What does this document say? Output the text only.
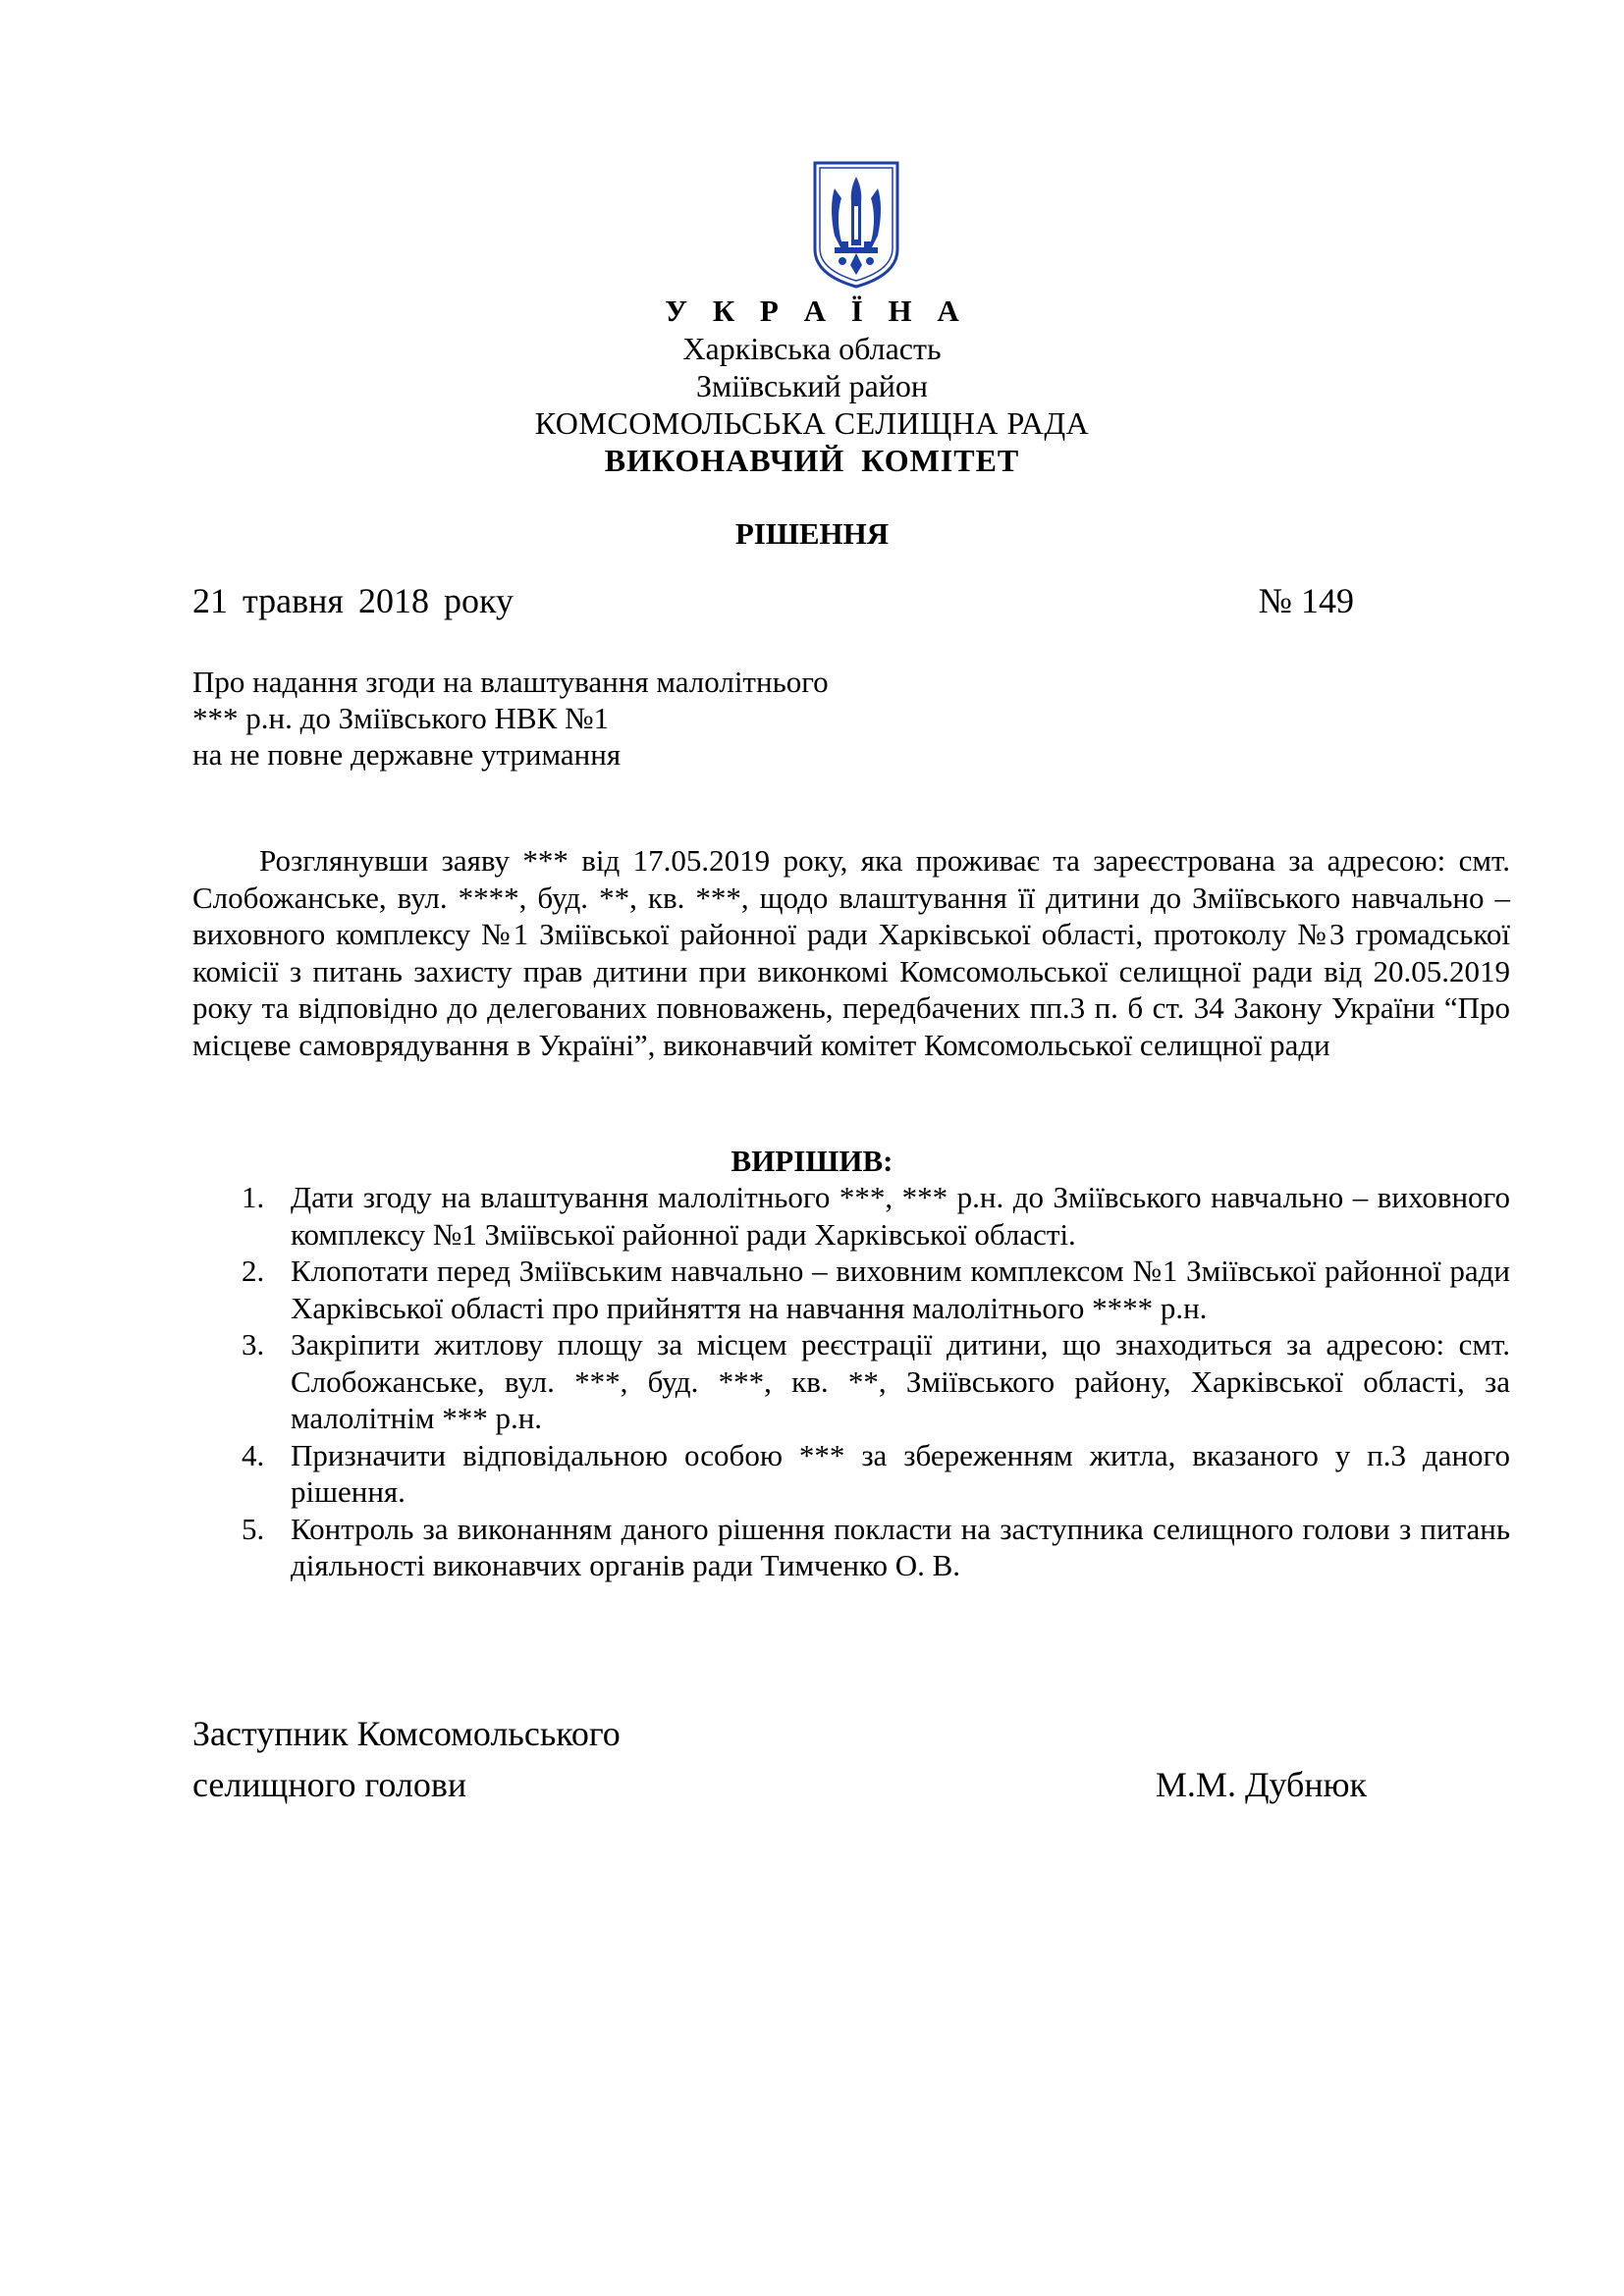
У К Р А Ї Н А
Харківська область
Зміївський район
КОМСОМОЛЬСЬКА СЕЛИЩНА РАДА
ВИКОНАВЧИЙ КОМІТЕТ
РІШЕННЯ
21 травня 2018 року	№ 149
Про надання згоди на влаштування малолітнього
*** р.н. до Зміївського НВК №1
на не повне державне утримання
Розглянувши заяву *** від 17.05.2019 року, яка проживає та зареєстрована за адресою: смт. Слобожанське, вул. ****, буд. **, кв. ***, щодо влаштування її дитини до Зміївського навчально – виховного комплексу №1 Зміївської районної ради Харківської області, протоколу №3 громадської комісії з питань захисту прав дитини при виконкомі Комсомольської селищної ради від 20.05.2019 року та відповідно до делегованих повноважень, передбачених пп.3 п. б ст. 34 Закону України “Про місцеве самоврядування в Україні”, виконавчий комітет Комсомольської селищної ради
ВИРІШИВ:
1. Дати згоду на влаштування малолітнього ***, *** р.н. до Зміївського навчально – виховного комплексу №1 Зміївської районної ради Харківської області.
2. Клопотати перед Зміївським навчально – виховним комплексом №1 Зміївської районної ради Харківської області про прийняття на навчання малолітнього **** р.н.
3. Закріпити житлову площу за місцем реєстрації дитини, що знаходиться за адресою: смт. Слобожанське, вул. ***, буд. ***, кв. **, Зміївського району, Харківської області, за малолітнім *** р.н.
4. Призначити відповідальною особою *** за збереженням житла, вказаного у п.3 даного рішення.
5. Контроль за виконанням даного рішення покласти на заступника селищного голови з питань діяльності виконавчих органів ради Тимченко О. В.
Заступник Комсомольського
селищного голови	М.М. Дубнюк
